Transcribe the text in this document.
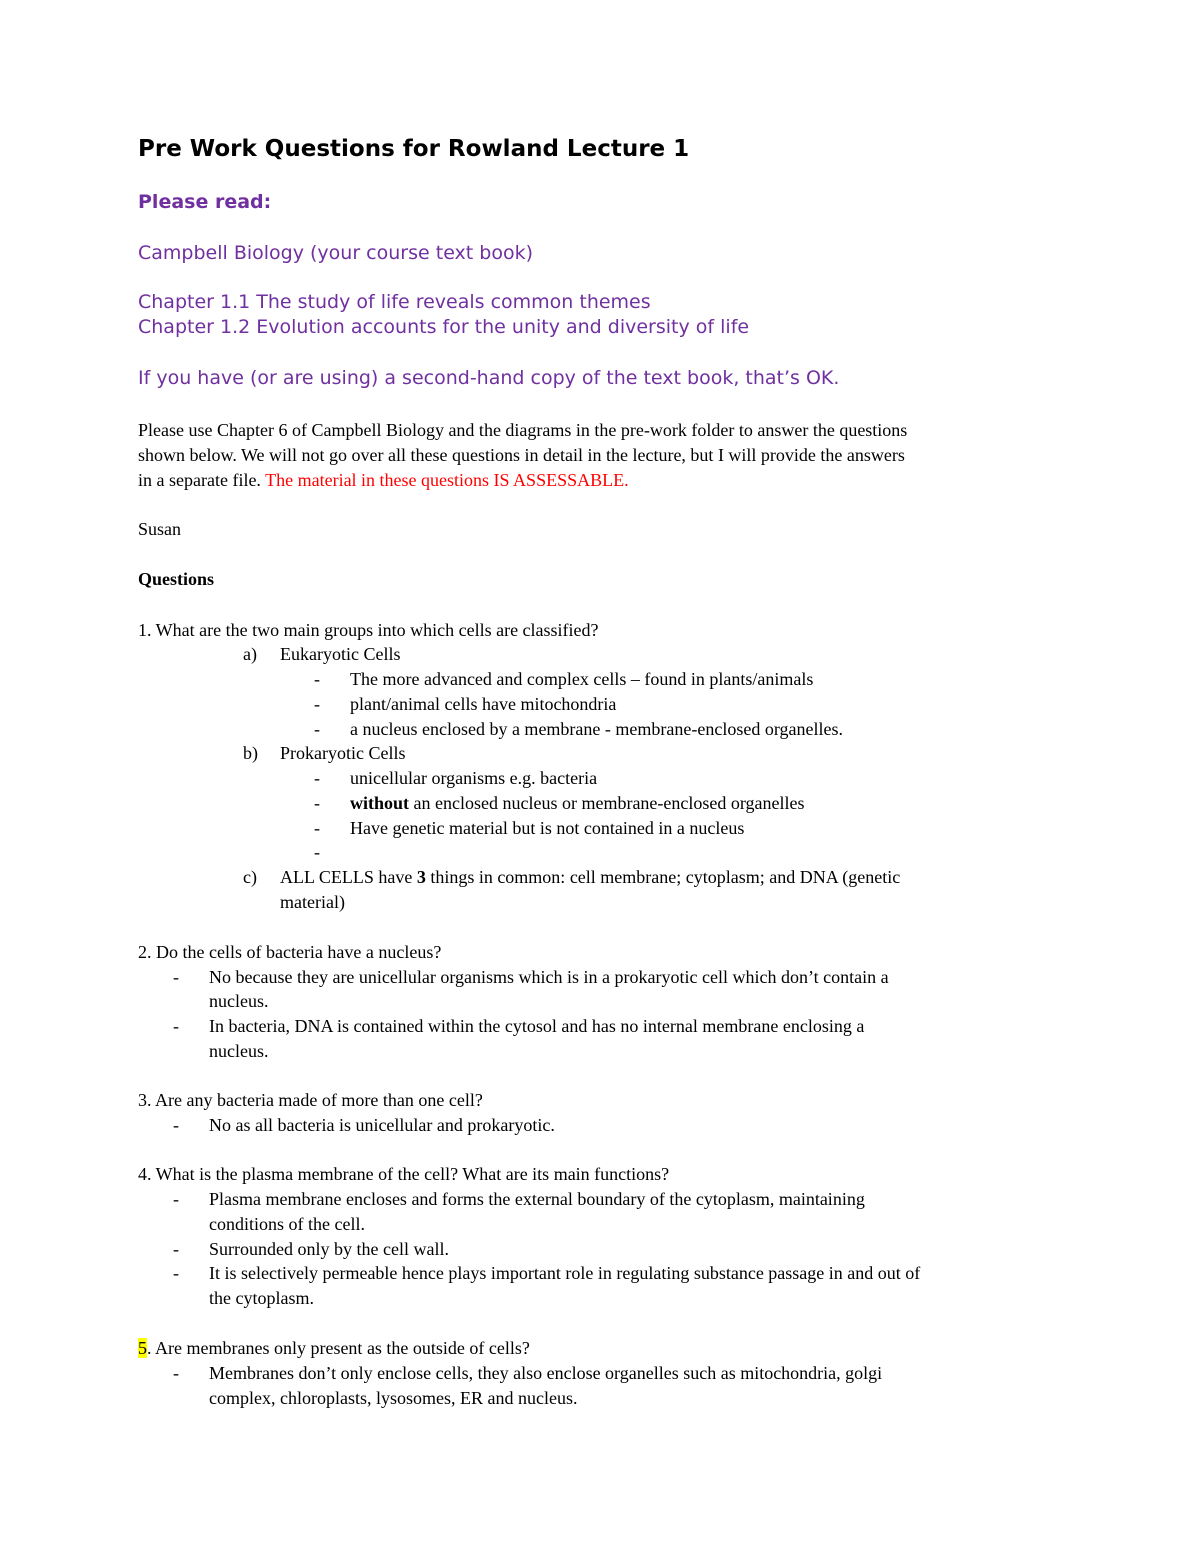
Pre Work Questions for Rowland Lecture 1
Please read:
Campbell Biology (your course text book)
Chapter 1.1 The study of life reveals common themes
Chapter 1.2 Evolution accounts for the unity and diversity of life
If you have (or are using) a second-hand copy of the text book, that’s OK.
Please use Chapter 6 of Campbell Biology and the diagrams in the pre-work folder to answer the questions
shown below. We will not go over all these questions in detail in the lecture, but I will provide the answers
in a separate file. The material in these questions IS ASSESSABLE.
Susan
Questions
1. What are the two main groups into which cells are classified?
a) Eukaryotic Cells
- The more advanced and complex cells – found in plants/animals
- plant/animal cells have mitochondria
- a nucleus enclosed by a membrane - membrane-enclosed organelles.
b) Prokaryotic Cells
- unicellular organisms e.g. bacteria
- without an enclosed nucleus or membrane-enclosed organelles
- Have genetic material but is not contained in a nucleus
-
c) ALL CELLS have 3 things in common: cell membrane; cytoplasm; and DNA (genetic
material)
2. Do the cells of bacteria have a nucleus?
- No because they are unicellular organisms which is in a prokaryotic cell which don’t contain a
nucleus.
- In bacteria, DNA is contained within the cytosol and has no internal membrane enclosing a
nucleus.
3. Are any bacteria made of more than one cell?
- No as all bacteria is unicellular and prokaryotic.
4. What is the plasma membrane of the cell? What are its main functions?
- Plasma membrane encloses and forms the external boundary of the cytoplasm, maintaining
conditions of the cell.
- Surrounded only by the cell wall.
- It is selectively permeable hence plays important role in regulating substance passage in and out of
the cytoplasm.
5. Are membranes only present as the outside of cells?
- Membranes don’t only enclose cells, they also enclose organelles such as mitochondria, golgi
complex, chloroplasts, lysosomes, ER and nucleus.
